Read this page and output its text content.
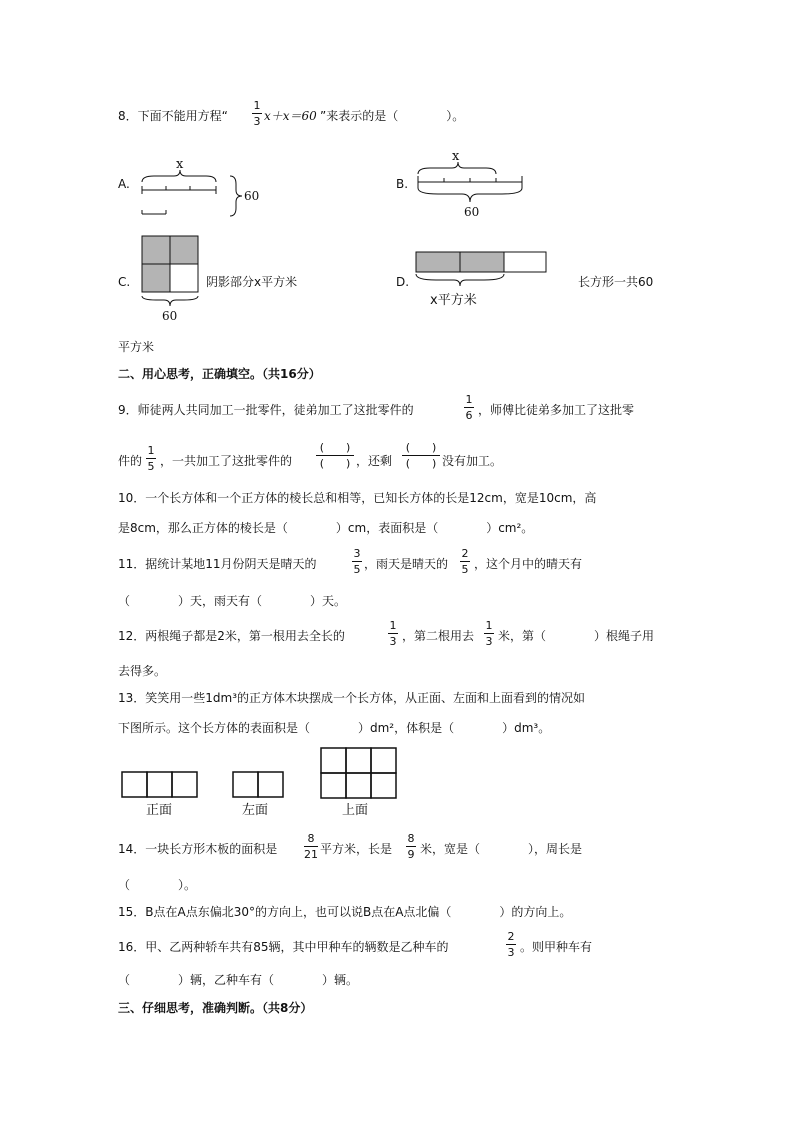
8．下面不能用方程“
1
3 x＋x＝60 ”来表示的是（　　　　）。
A.
x
60
B.
x
60
C.	阴影部分x平方米
60
D.
x平方米
长方形一共60
平方米
二、用心思考，正确填空。（共16分）
9．师徒两人共同加工一批零件，徒弟加工了这批零件的
1
6 ，师傅比徒弟多加工了这批零
件的
1
5 ，一共加工了这批零件的
(　　)
(　　) ，还剩
(　　)
(　　) 没有加工。
10．一个长方体和一个正方体的棱长总和相等，已知长方体的长是12cm，宽是10cm，高
是8cm，那么正方体的棱长是（　　　　）cm，表面积是（　　　　）cm²。
11．据统计某地11月份阴天是晴天的
3
5 ，雨天是晴天的
2
5 ，这个月中的晴天有
（　　　　）天，雨天有（　　　　）天。
12．两根绳子都是2米，第一根用去全长的
1
3 ，第二根用去
1
3 米，第（　　　　）根绳子用
去得多。
13．笑笑用一些1dm³的正方体木块摆成一个长方体，从正面、左面和上面看到的情况如
下图所示。这个长方体的表面积是（　　　　）dm²，体积是（　　　　）dm³。
正面	左面	上面
14．一块长方形木板的面积是
8
21 平方米，长是
8
9 米，宽是（　　　　），周长是
（　　　　）。
15．B点在A点东偏北30°的方向上，也可以说B点在A点北偏（　　　　）的方向上。
16．甲、乙两种轿车共有85辆，其中甲种车的辆数是乙种车的
2
3 。则甲种车有
（　　　　）辆，乙种车有（　　　　）辆。
三、仔细思考，准确判断。（共8分）
